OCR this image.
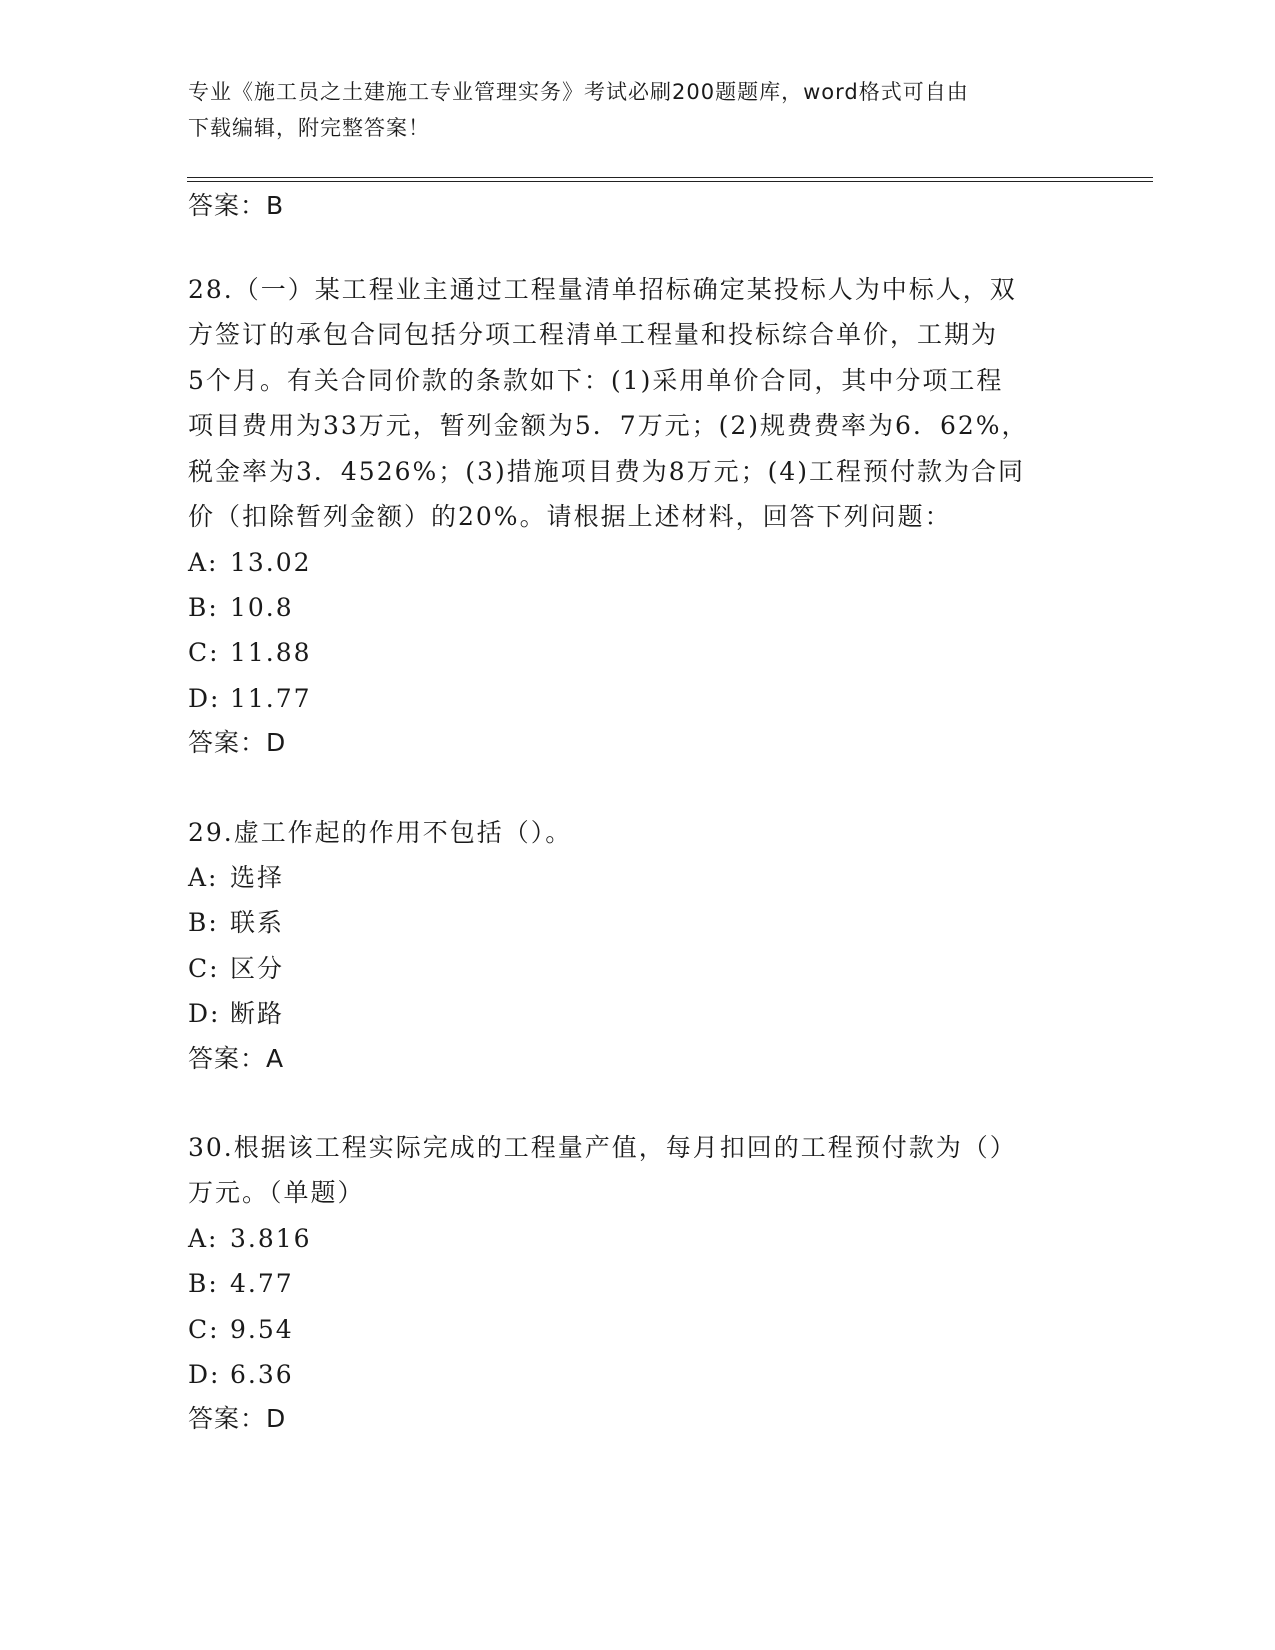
专业《施工员之土建施工专业管理实务》考试必刷200题题库，word格式可自由
下载编辑，附完整答案！
答案：B
28.（一）某工程业主通过工程量清单招标确定某投标人为中标人，双
方签订的承包合同包括分项工程清单工程量和投标综合单价，工期为
5个月。有关合同价款的条款如下：(1)采用单价合同，其中分项工程
项目费用为33万元，暂列金额为5．7万元；(2)规费费率为6．62%，
税金率为3．4526%；(3)措施项目费为8万元；(4)工程预付款为合同
价（扣除暂列金额）的20%。请根据上述材料，回答下列问题：
A: 13.02
B: 10.8
C: 11.88
D: 11.77
答案：D
29.虚工作起的作用不包括（）。
A: 选择
B: 联系
C: 区分
D: 断路
答案：A
30.根据该工程实际完成的工程量产值，每月扣回的工程预付款为（）
万元。（单题）
A: 3.816
B: 4.77
C: 9.54
D: 6.36
答案：D
